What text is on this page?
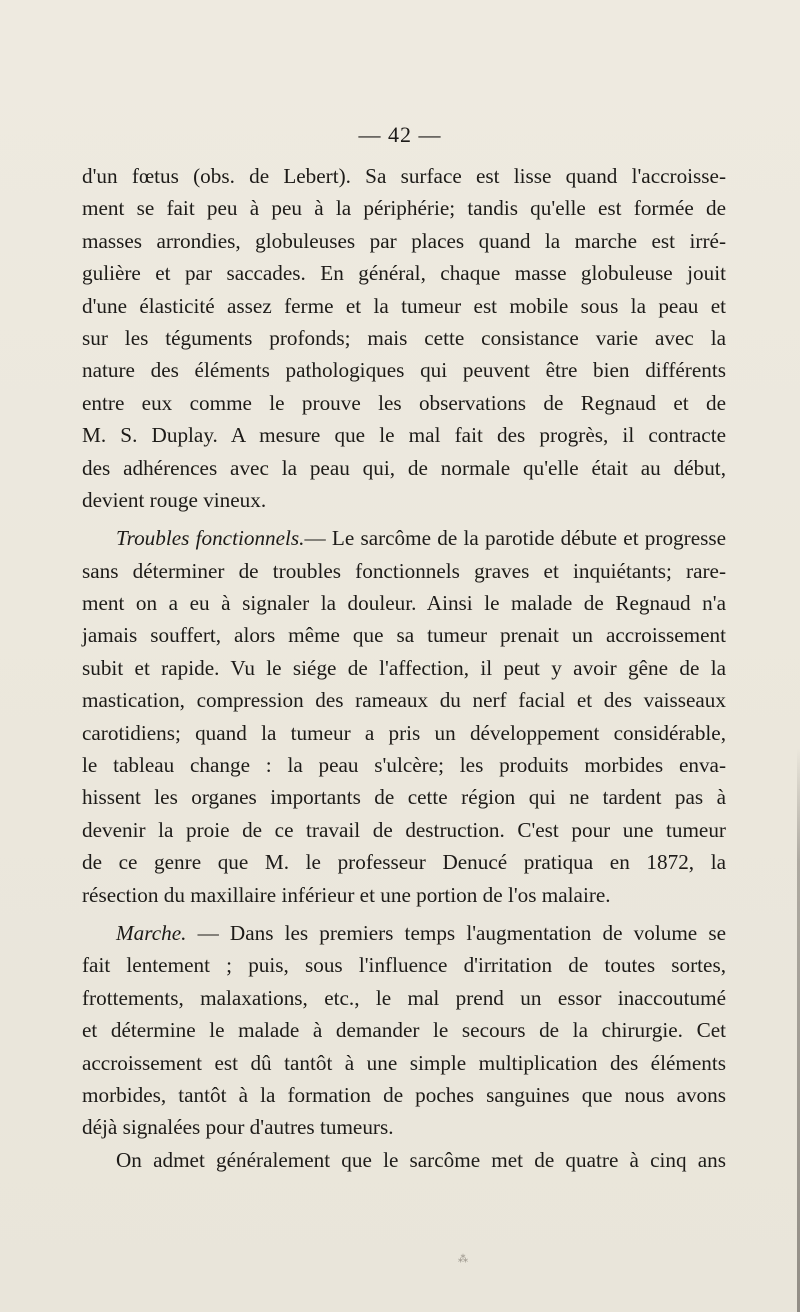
— 42 —
d'un fœtus (obs. de Lebert). Sa surface est lisse quand l'accroisse-
ment se fait peu à peu à la périphérie; tandis qu'elle est formée de
masses arrondies, globuleuses par places quand la marche est irré-
gulière et par saccades. En général, chaque masse globuleuse jouit
d'une élasticité assez ferme et la tumeur est mobile sous la peau et
sur les téguments profonds; mais cette consistance varie avec la
nature des éléments pathologiques qui peuvent être bien différents
entre eux comme le prouve les observations de Regnaud et de
M. S. Duplay. A mesure que le mal fait des progrès, il contracte
des adhérences avec la peau qui, de normale qu'elle était au début,
devient rouge vineux.
Troubles fonctionnels.— Le sarcôme de la parotide débute et progresse
sans déterminer de troubles fonctionnels graves et inquiétants; rare-
ment on a eu à signaler la douleur. Ainsi le malade de Regnaud n'a
jamais souffert, alors même que sa tumeur prenait un accroissement
subit et rapide. Vu le siége de l'affection, il peut y avoir gêne de la
mastication, compression des rameaux du nerf facial et des vaisseaux
carotidiens; quand la tumeur a pris un développement considérable,
le tableau change : la peau s'ulcère; les produits morbides enva-
hissent les organes importants de cette région qui ne tardent pas à
devenir la proie de ce travail de destruction. C'est pour une tumeur
de ce genre que M. le professeur Denucé pratiqua en 1872, la
résection du maxillaire inférieur et une portion de l'os malaire.
Marche. — Dans les premiers temps l'augmentation de volume se
fait lentement ; puis, sous l'influence d'irritation de toutes sortes,
frottements, malaxations, etc., le mal prend un essor inaccoutumé
et détermine le malade à demander le secours de la chirurgie. Cet
accroissement est dû tantôt à une simple multiplication des éléments
morbides, tantôt à la formation de poches sanguines que nous avons
déjà signalées pour d'autres tumeurs.
On admet généralement que le sarcôme met de quatre à cinq ans
⁂
